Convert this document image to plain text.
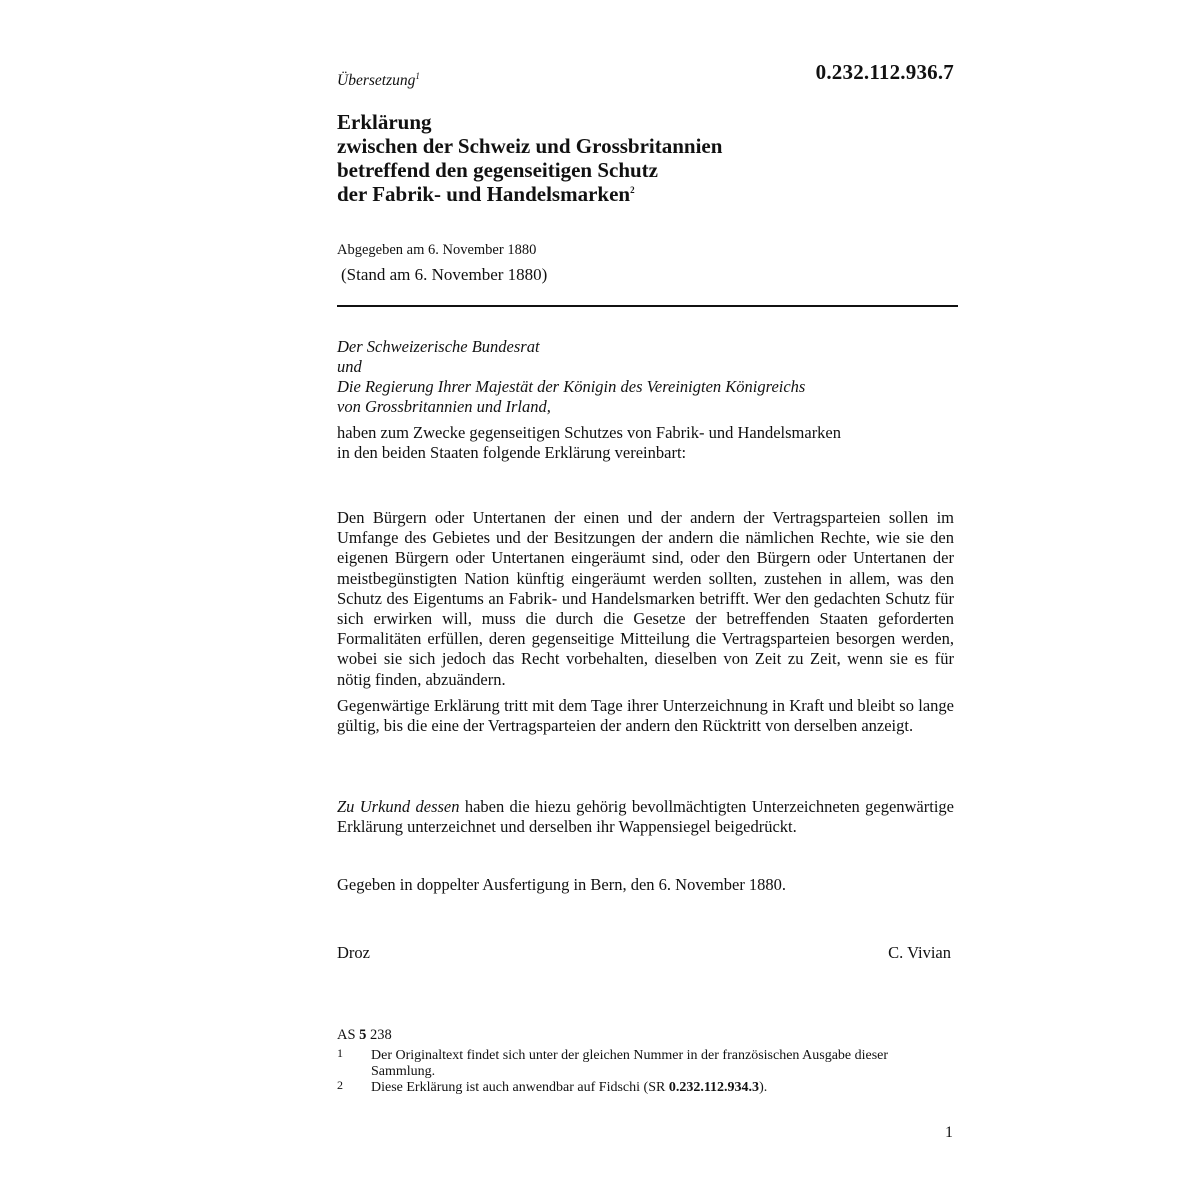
0.232.112.936.7
Übersetzung$^1$
Erklärung
zwischen der Schweiz und Grossbritannien
betreffend den gegenseitigen Schutz
der Fabrik- und Handelsmarken$^2$
Abgegeben am 6. November 1880
(Stand am 6. November 1880)
Der Schweizerische Bundesrat
und
Die Regierung Ihrer Majestät der Königin des Vereinigten Königreichs
von Grossbritannien und Irland,
haben zum Zwecke gegenseitigen Schutzes von Fabrik- und Handelsmarken
in den beiden Staaten folgende Erklärung vereinbart:
Den Bürgern oder Untertanen der einen und der andern der Vertragsparteien sollen im Umfange des Gebietes und der Besitzungen der andern die nämlichen Rechte, wie sie den eigenen Bürgern oder Untertanen eingeräumt sind, oder den Bürgern oder Untertanen der meistbegünstigten Nation künftig eingeräumt werden sollten, zustehen in allem, was den Schutz des Eigentums an Fabrik- und Handelsmarken betrifft. Wer den gedachten Schutz für sich erwirken will, muss die durch die Gesetze der betreffenden Staaten geforderten Formalitäten erfüllen, deren gegenseitige Mitteilung die Vertragsparteien besorgen werden, wobei sie sich jedoch das Recht vorbehalten, dieselben von Zeit zu Zeit, wenn sie es für nötig finden, abzuändern.
Gegenwärtige Erklärung tritt mit dem Tage ihrer Unterzeichnung in Kraft und bleibt so lange gültig, bis die eine der Vertragsparteien der andern den Rücktritt von derselben anzeigt.
Zu Urkund dessen haben die hiezu gehörig bevollmächtigten Unterzeichneten gegenwärtige Erklärung unterzeichnet und derselben ihr Wappensiegel beigedrückt.
Gegeben in doppelter Ausfertigung in Bern, den 6. November 1880.
Droz	C. Vivian
AS 5 238
1 Der Originaltext findet sich unter der gleichen Nummer in der französischen Ausgabe dieser Sammlung.
2 Diese Erklärung ist auch anwendbar auf Fidschi (SR 0.232.112.934.3).
1
